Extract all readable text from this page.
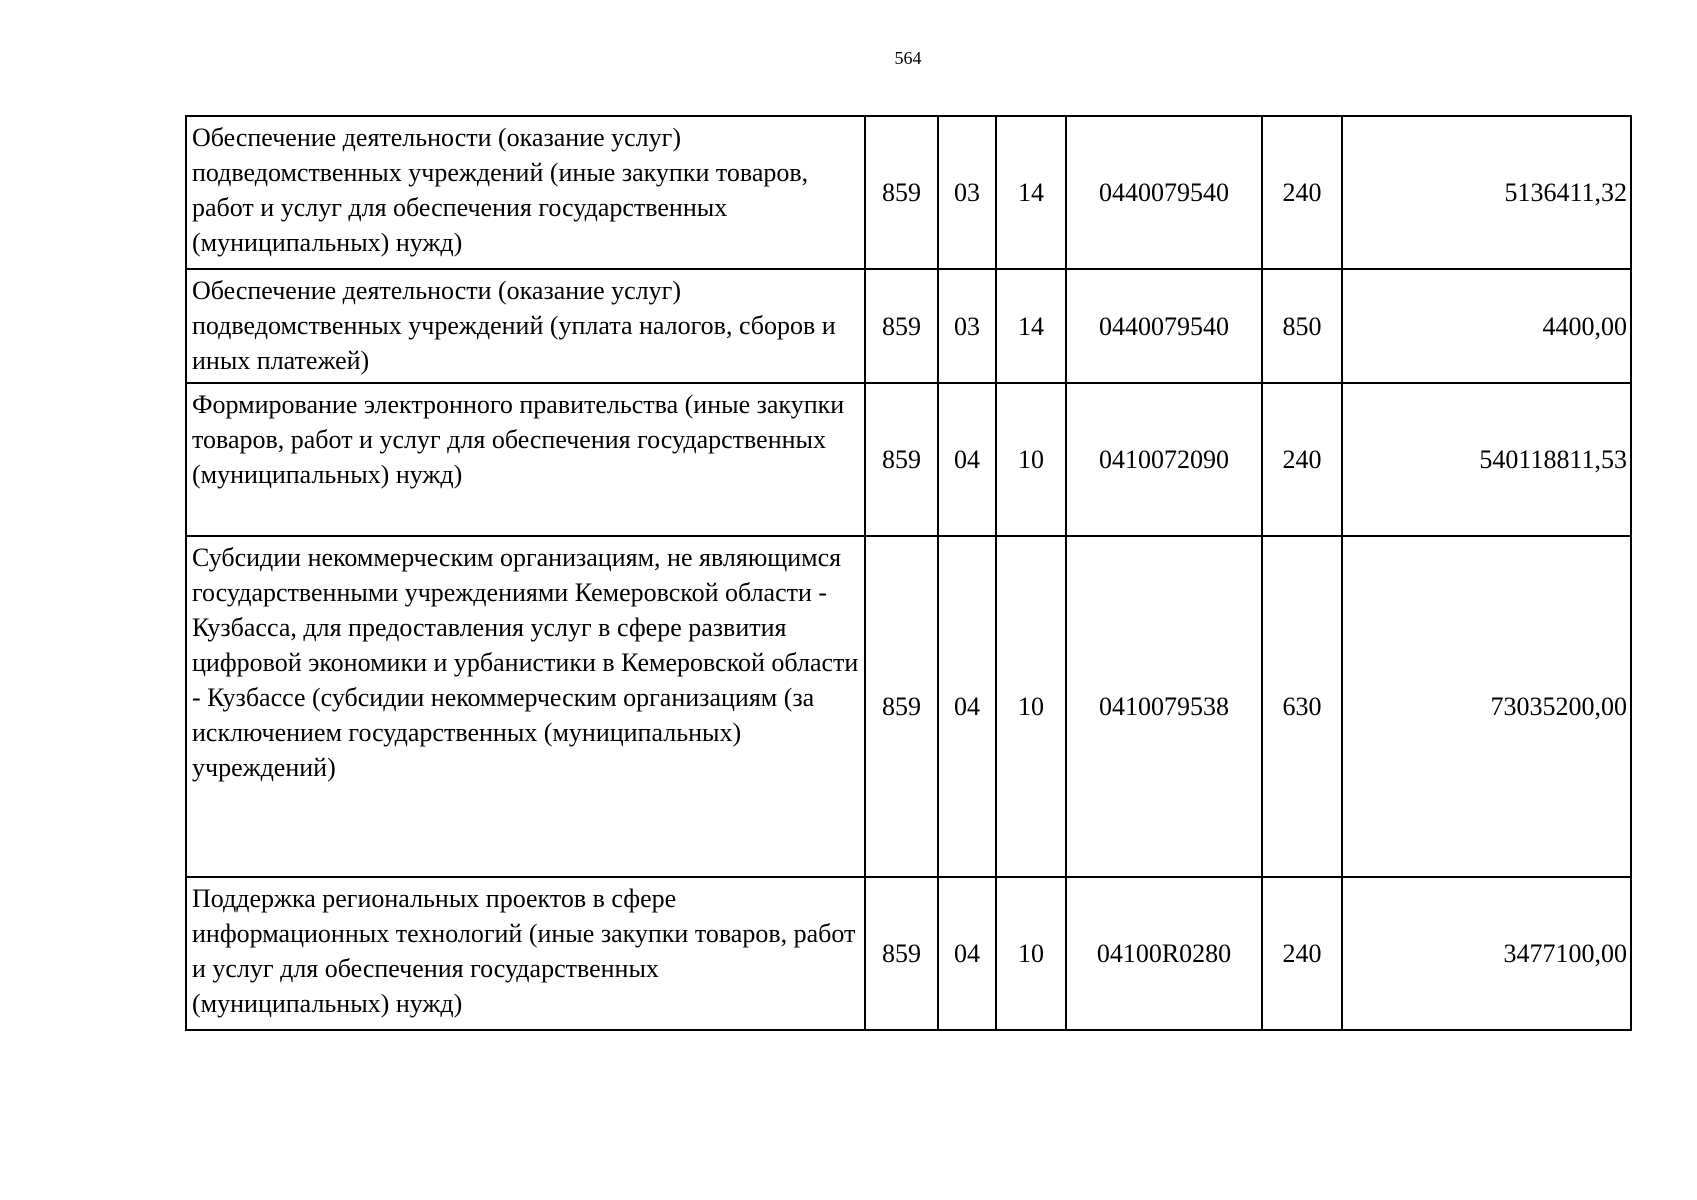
564
Обеспечение деятельности (оказание услуг) подведомственных учреждений (иные закупки товаров, работ и услуг для обеспечения государственных (муниципальных) нужд)	859	03	14	0440079540	240	5136411,32
Обеспечение деятельности (оказание услуг) подведомственных учреждений (уплата налогов, сборов и иных платежей)	859	03	14	0440079540	850	4400,00
Формирование электронного правительства (иные закупки товаров, работ и услуг для обеспечения государственных (муниципальных) нужд)	859	04	10	0410072090	240	540118811,53
Субсидии некоммерческим организациям, не являющимся государственными учреждениями Кемеровской области - Кузбасса, для предоставления услуг в сфере развития цифровой экономики и урбанистики в Кемеровской области - Кузбассе (субсидии некоммерческим организациям (за исключением государственных (муниципальных) учреждений)	859	04	10	0410079538	630	73035200,00
Поддержка региональных проектов в сфере информационных технологий (иные закупки товаров, работ и услуг для обеспечения государственных (муниципальных) нужд)	859	04	10	04100R0280	240	3477100,00
